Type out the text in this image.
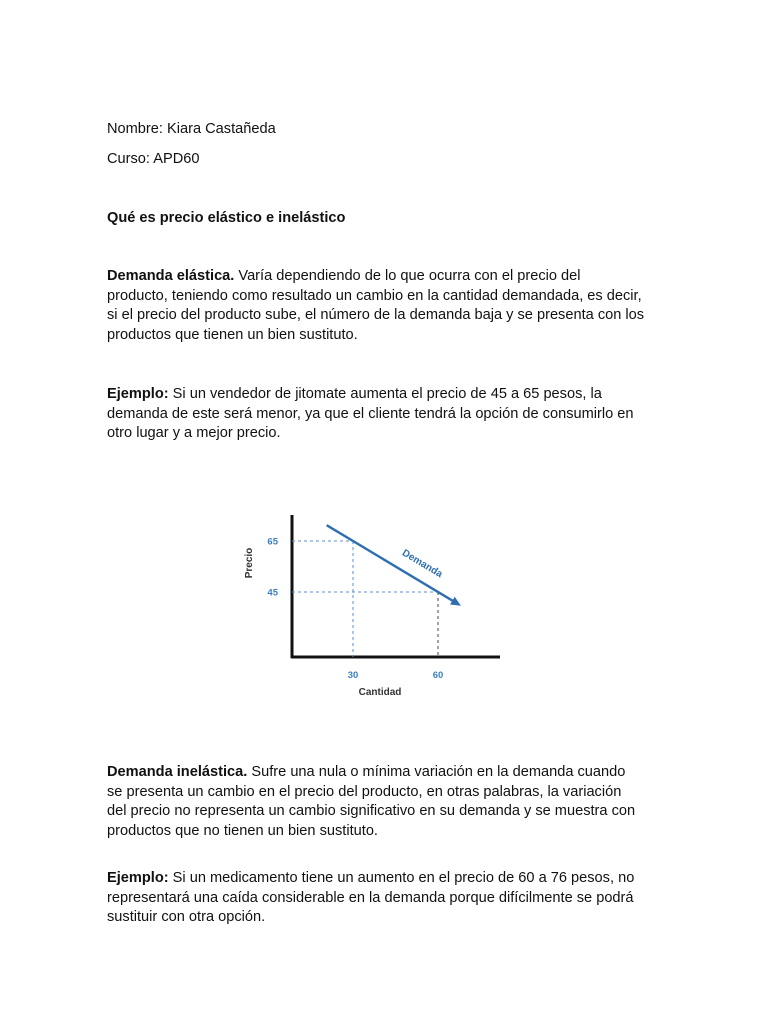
Nombre: Kiara Castañeda
Curso: APD60
Qué es precio elástico e inelástico
Demanda elástica. Varía dependiendo de lo que ocurra con el precio del
producto, teniendo como resultado un cambio en la cantidad demandada, es decir,
si el precio del producto sube, el número de la demanda baja y se presenta con los
productos que tienen un bien sustituto.
Ejemplo: Si un vendedor de jitomate aumenta el precio de 45 a 65 pesos, la
demanda de este será menor, ya que el cliente tendrá la opción de consumirlo en
otro lugar y a mejor precio.
Demanda
65
45
30	60
Cantidad
Precio
Demanda inelástica. Sufre una nula o mínima variación en la demanda cuando
se presenta un cambio en el precio del producto, en otras palabras, la variación
del precio no representa un cambio significativo en su demanda y se muestra con
productos que no tienen un bien sustituto.
Ejemplo: Si un medicamento tiene un aumento en el precio de 60 a 76 pesos, no
representará una caída considerable en la demanda porque difícilmente se podrá
sustituir con otra opción.
